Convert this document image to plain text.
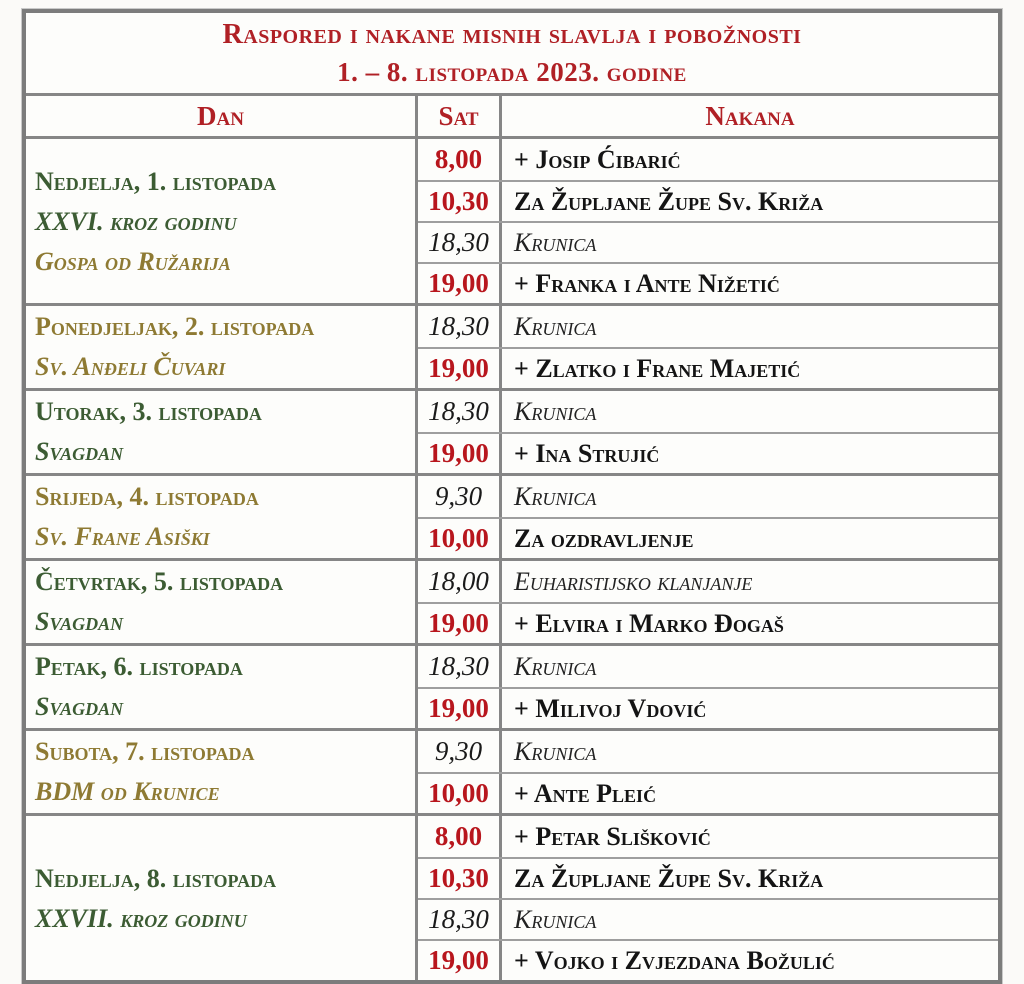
Raspored i nakane misnih slavlja i pobožnosti
1. – 8. listopada 2023. godine
Dan	Sat	Nakana
Nedjelja, 1. listopada
XXVI. kroz godinu
Gospa od Ružarija
8,00	+ Josip Ćibarić
10,30 Za Župljane Župe Sv. Križa
18,30 Krunica
19,00 + Franka i Ante Nižetić
Ponedjeljak, 2. listopada
Sv. Anđeli Čuvari
18,30 Krunica
19,00 + Zlatko i Frane Majetić
Utorak, 3. listopada
Svagdan
18,30 Krunica
19,00 + Ina Strujić
Srijeda, 4. listopada
Sv. Frane Asiški
9,30	Krunica
10,00 Za ozdravljenje
Četvrtak, 5. listopada
Svagdan
18,00 Euharistijsko klanjanje
19,00 + Elvira i Marko Đogaš
Petak, 6. listopada
Svagdan
18,30 Krunica
19,00 + Milivoj Vdović
Subota, 7. listopada
BDM od Krunice
9,30	Krunica
10,00 + Ante Pleić
Nedjelja, 8. listopada
XXVII. kroz godinu
8,00	+ Petar Slišković
10,30 Za Župljane Župe Sv. Križa
18,30 Krunica
19,00 + Vojko i Zvjezdana Božulić
